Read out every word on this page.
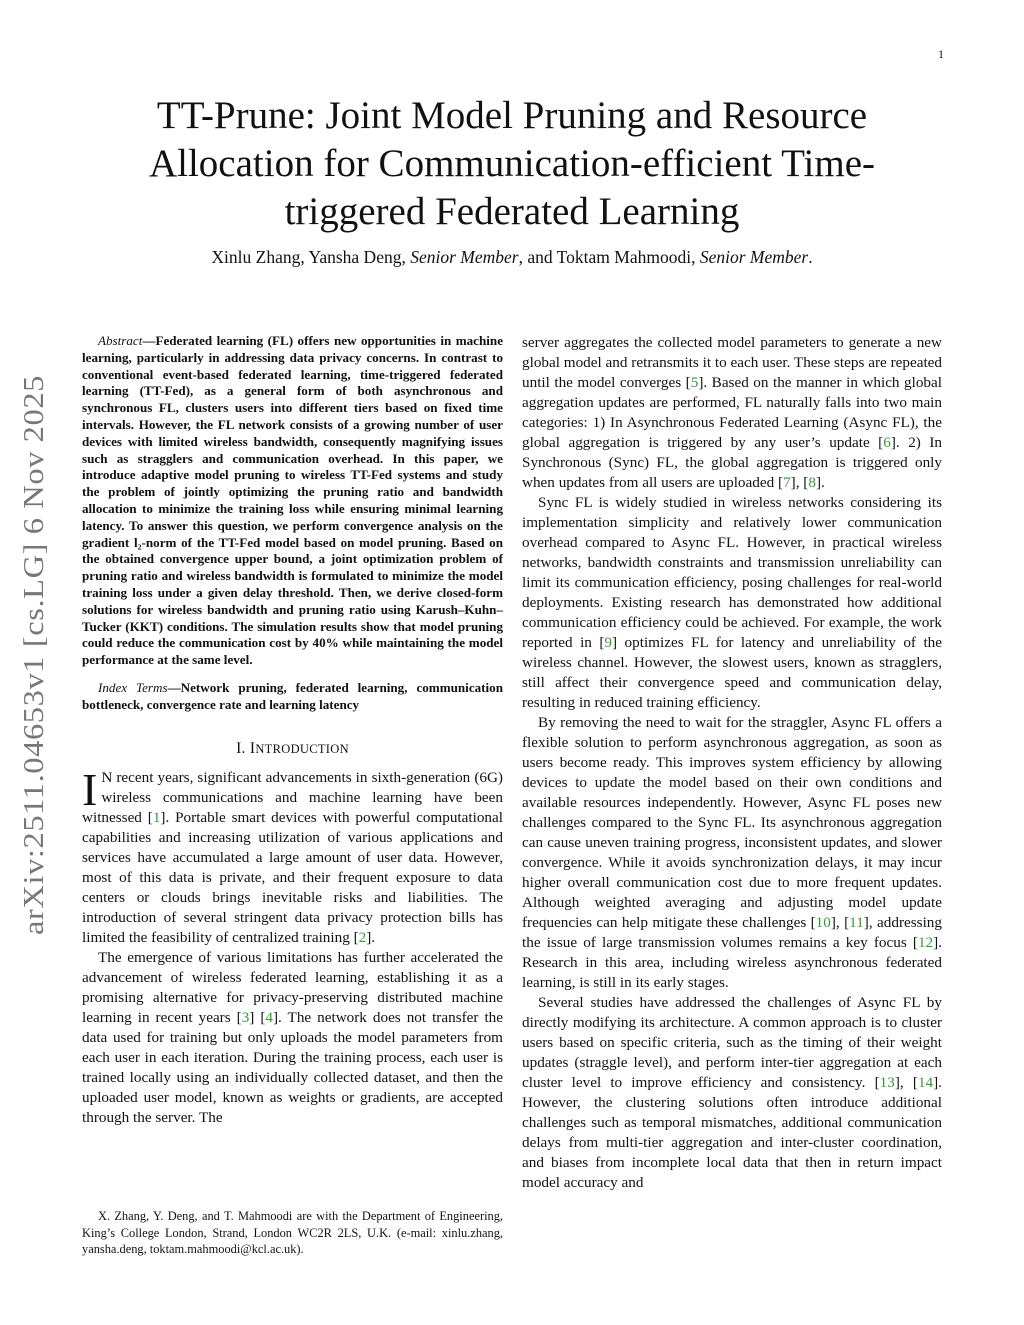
1
arXiv:2511.04653v1 [cs.LG] 6 Nov 2025
TT-Prune: Joint Model Pruning and Resource Allocation for Communication-efficient Time-triggered Federated Learning
Xinlu Zhang, Yansha Deng, Senior Member, and Toktam Mahmoodi, Senior Member.

Abstract—Federated learning (FL) offers new opportunities in machine learning, particularly in addressing data privacy concerns. In contrast to conventional event-based federated learning, time-triggered federated learning (TT-Fed), as a general form of both asynchronous and synchronous FL, clusters users into different tiers based on fixed time intervals. However, the FL network consists of a growing number of user devices with limited wireless bandwidth, consequently magnifying issues such as stragglers and communication overhead. In this paper, we introduce adaptive model pruning to wireless TT-Fed systems and study the problem of jointly optimizing the pruning ratio and bandwidth allocation to minimize the training loss while ensuring minimal learning latency. To answer this question, we perform convergence analysis on the gradient l₂-norm of the TT-Fed model based on model pruning. Based on the obtained convergence upper bound, a joint optimization problem of pruning ratio and wireless bandwidth is formulated to minimize the model training loss under a given delay threshold. Then, we derive closed-form solutions for wireless bandwidth and pruning ratio using Karush–Kuhn–Tucker (KKT) conditions. The simulation results show that model pruning could reduce the communication cost by 40% while maintaining the model performance at the same level.

Index Terms—Network pruning, federated learning, communication bottleneck, convergence rate and learning latency

I. INTRODUCTION

I N recent years, significant advancements in sixth-generation (6G) wireless communications and machine learning have been witnessed [1]. Portable smart devices with powerful computational capabilities and increasing utilization of various applications and services have accumulated a large amount of user data. However, most of this data is private, and their frequent exposure to data centers or clouds brings inevitable risks and liabilities. The introduction of several stringent data privacy protection bills has limited the feasibility of centralized training [2].

The emergence of various limitations has further accelerated the advancement of wireless federated learning, establishing it as a promising alternative for privacy-preserving distributed machine learning in recent years [3] [4]. The network does not transfer the data used for training but only uploads the model parameters from each user in each iteration. During the training process, each user is trained locally using an individually collected dataset, and then the uploaded user model, known as weights or gradients, are accepted through the server. The

X. Zhang, Y. Deng, and T. Mahmoodi are with the Department of Engineering, King’s College London, Strand, London WC2R 2LS, U.K. (e-mail: xinlu.zhang, yansha.deng, toktam.mahmoodi@kcl.ac.uk).

server aggregates the collected model parameters to generate a new global model and retransmits it to each user. These steps are repeated until the model converges [5]. Based on the manner in which global aggregation updates are performed, FL naturally falls into two main categories: 1) In Asynchronous Federated Learning (Async FL), the global aggregation is triggered by any user’s update [6]. 2) In Synchronous (Sync) FL, the global aggregation is triggered only when updates from all users are uploaded [7], [8].

Sync FL is widely studied in wireless networks considering its implementation simplicity and relatively lower communication overhead compared to Async FL. However, in practical wireless networks, bandwidth constraints and transmission unreliability can limit its communication efficiency, posing challenges for real-world deployments. Existing research has demonstrated how additional communication efficiency could be achieved. For example, the work reported in [9] optimizes FL for latency and unreliability of the wireless channel. However, the slowest users, known as stragglers, still affect their convergence speed and communication delay, resulting in reduced training efficiency.

By removing the need to wait for the straggler, Async FL offers a flexible solution to perform asynchronous aggregation, as soon as users become ready. This improves system efficiency by allowing devices to update the model based on their own conditions and available resources independently. However, Async FL poses new challenges compared to the Sync FL. Its asynchronous aggregation can cause uneven training progress, inconsistent updates, and slower convergence. While it avoids synchronization delays, it may incur higher overall communication cost due to more frequent updates. Although weighted averaging and adjusting model update frequencies can help mitigate these challenges [10], [11], addressing the issue of large transmission volumes remains a key focus [12]. Research in this area, including wireless asynchronous federated learning, is still in its early stages.

Several studies have addressed the challenges of Async FL by directly modifying its architecture. A common approach is to cluster users based on specific criteria, such as the timing of their weight updates (straggle level), and perform inter-tier aggregation at each cluster level to improve efficiency and consistency. [13], [14]. However, the clustering solutions often introduce additional challenges such as temporal mismatches, additional communication delays from multi-tier aggregation and inter-cluster coordination, and biases from incomplete local data that then in return impact model accuracy and
